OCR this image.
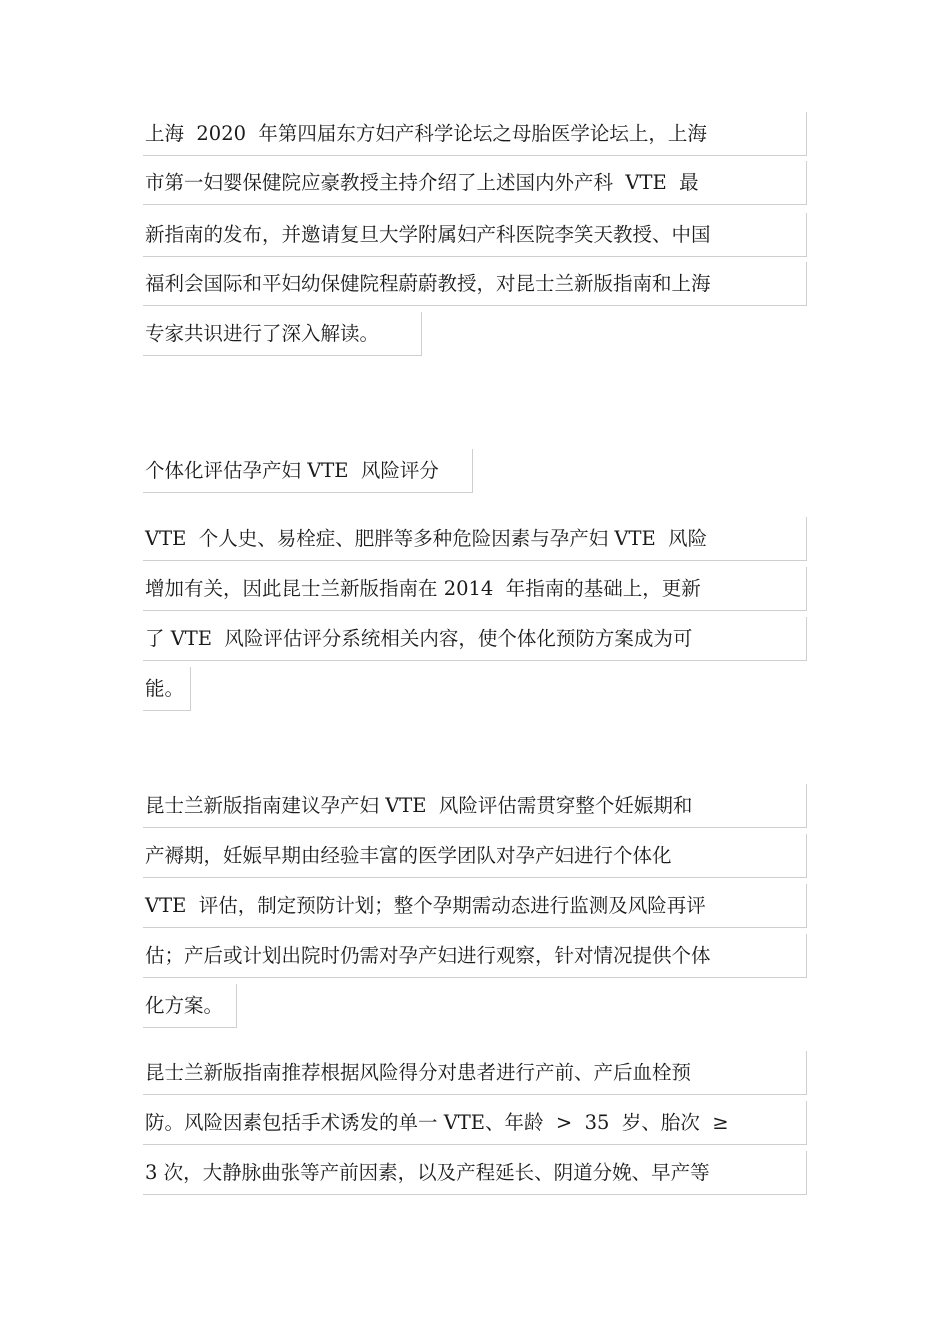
上海  2020  年第四届东方妇产科学论坛之母胎医学论坛上，上海
市第一妇婴保健院应豪教授主持介绍了上述国内外产科  VTE  最
新指南的发布，并邀请复旦大学附属妇产科医院李笑天教授、中国
福利会国际和平妇幼保健院程蔚蔚教授，对昆士兰新版指南和上海
专家共识进行了深入解读。
个体化评估孕产妇 VTE  风险评分
VTE  个人史、易栓症、肥胖等多种危险因素与孕产妇 VTE  风险
增加有关，因此昆士兰新版指南在 2014  年指南的基础上，更新
了 VTE  风险评估评分系统相关内容，使个体化预防方案成为可
能。
昆士兰新版指南建议孕产妇 VTE  风险评估需贯穿整个妊娠期和
产褥期，妊娠早期由经验丰富的医学团队对孕产妇进行个体化
VTE  评估，制定预防计划；整个孕期需动态进行监测及风险再评
估；产后或计划出院时仍需对孕产妇进行观察，针对情况提供个体
化方案。
昆士兰新版指南推荐根据风险得分对患者进行产前、产后血栓预
防。风险因素包括手术诱发的单一 VTE、年龄  >  35  岁、胎次  ≥
3 次，大静脉曲张等产前因素，以及产程延长、阴道分娩、早产等
